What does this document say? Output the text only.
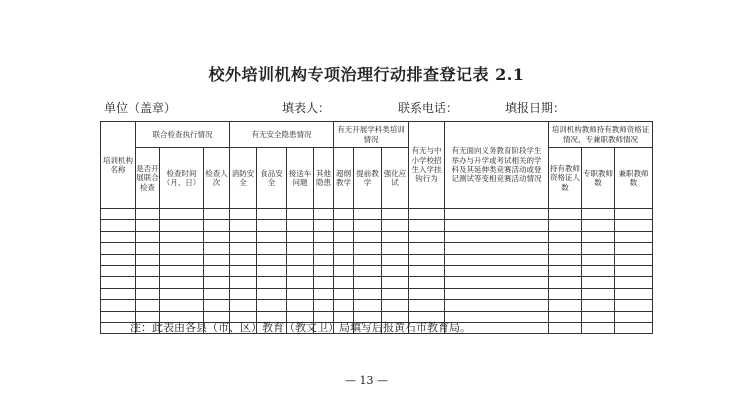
校外培训机构专项治理行动排查登记表 2.1
单位（盖章）	填表人：	联系电话：	填报日期：
培训机构名称	联合检查执行情况			有无安全隐患情况				有无开展学科类培训情况			有无与中小学校招生入学挂钩行为	有无面向义务教育阶段学生举办与升学或考试相关的学科及其延伸类竞赛活动或登记测试等变相竞赛活动情况	培训机构教师持有教师资格证情况、专兼职教师情况		
	是否开展联合检查	检查时间（月、日）	检查人次	消防安全	食品安全	接送车问题	其他隐患	超纲教学	提前教学	强化应试			持有教师资格证人数	专职教师数	兼职教师数

注：此表由各县（市、区）教育（教文卫）局填写后报黄石市教育局。
— 13 —
